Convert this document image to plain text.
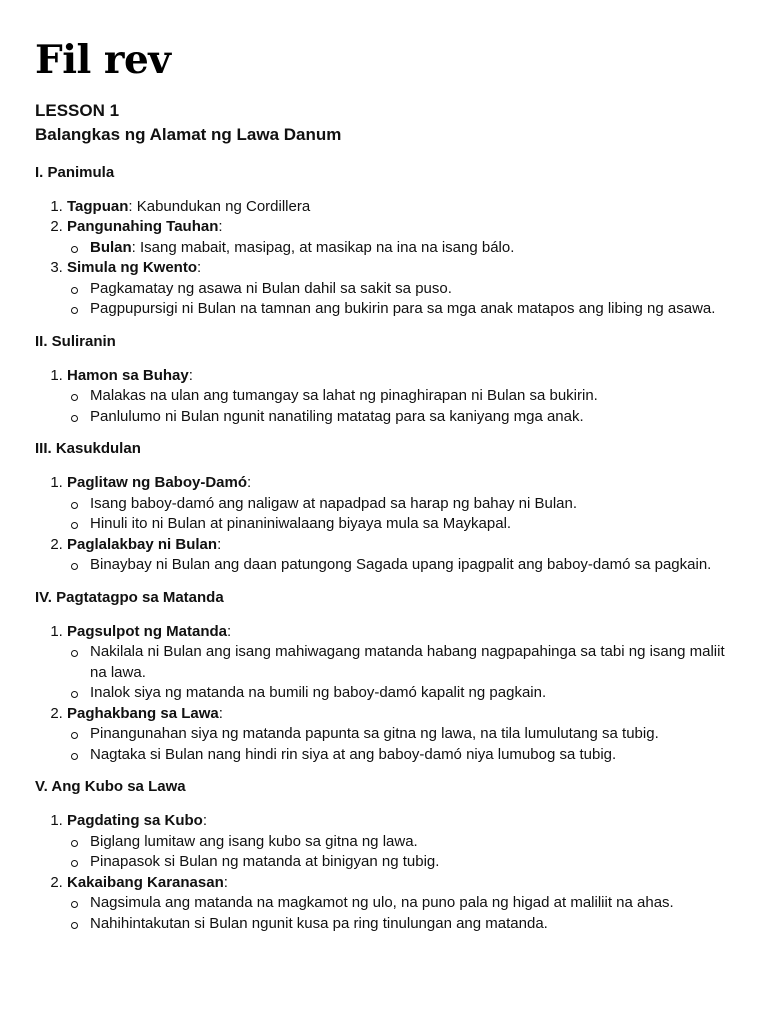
Fil rev
LESSON 1
Balangkas ng Alamat ng Lawa Danum
I. Panimula
1. Tagpuan: Kabundukan ng Cordillera
2. Pangunahing Tauhan:
Bulan: Isang mabait, masipag, at masikap na ina na isang bálo.
3. Simula ng Kwento:
Pagkamatay ng asawa ni Bulan dahil sa sakit sa puso.
Pagpupursigi ni Bulan na tamnan ang bukirin para sa mga anak matapos ang libing ng asawa.
II. Suliranin
1. Hamon sa Buhay:
Malakas na ulan ang tumangay sa lahat ng pinaghirapan ni Bulan sa bukirin.
Panlulumo ni Bulan ngunit nanatiling matatag para sa kaniyang mga anak.
III. Kasukdulan
1. Paglitaw ng Baboy-Damó:
Isang baboy-damó ang naligaw at napadpad sa harap ng bahay ni Bulan.
Hinuli ito ni Bulan at pinaniniwalaang biyaya mula sa Maykapal.
2. Paglalakbay ni Bulan:
Binaybay ni Bulan ang daan patungong Sagada upang ipagpalit ang baboy-damó sa pagkain.
IV. Pagtatagpo sa Matanda
1. Pagsulpot ng Matanda:
Nakilala ni Bulan ang isang mahiwagang matanda habang nagpapahinga sa tabi ng isang maliit na lawa.
Inalok siya ng matanda na bumili ng baboy-damó kapalit ng pagkain.
2. Paghakbang sa Lawa:
Pinangunahan siya ng matanda papunta sa gitna ng lawa, na tila lumulutang sa tubig.
Nagtaka si Bulan nang hindi rin siya at ang baboy-damó niya lumubog sa tubig.
V. Ang Kubo sa Lawa
1. Pagdating sa Kubo:
Biglang lumitaw ang isang kubo sa gitna ng lawa.
Pinapasok si Bulan ng matanda at binigyan ng tubig.
2. Kakaibang Karanasan:
Nagsimula ang matanda na magkamot ng ulo, na puno pala ng higad at maliliit na ahas.
Nahihintakutan si Bulan ngunit kusa pa ring tinulungan ang matanda.
